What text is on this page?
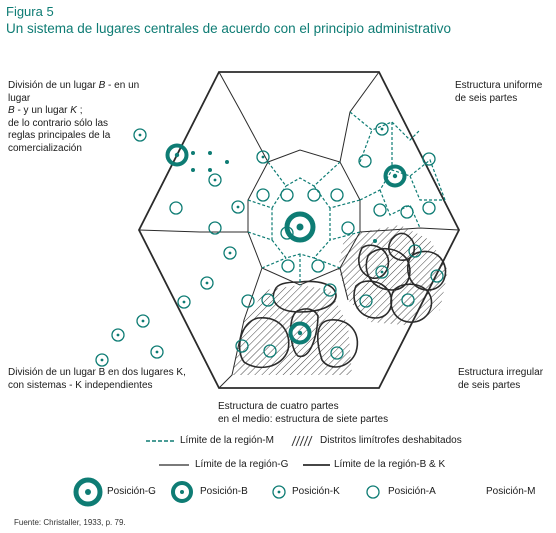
Figura 5
Un sistema de lugares centrales de acuerdo con el principio administrativo
División de un lugar B - en un lugar
B - y un lugar K ;
de lo contrario sólo las
reglas principales de la
comercialización
Estructura uniforme
de seis partes
División de un lugar B en dos lugares K,
con sistemas - K independientes
Estructura irregular
de seis partes
Estructura de cuatro partes
en el medio: estructura de siete partes
Límite de la región-M	Distritos limítrofes deshabitados
Límite de la región-G	Límite de la región-B & K
Posición-G	Posición-B	Posición-K	Posición-A	Posición-M
Fuente: Christaller, 1933, p. 79.
